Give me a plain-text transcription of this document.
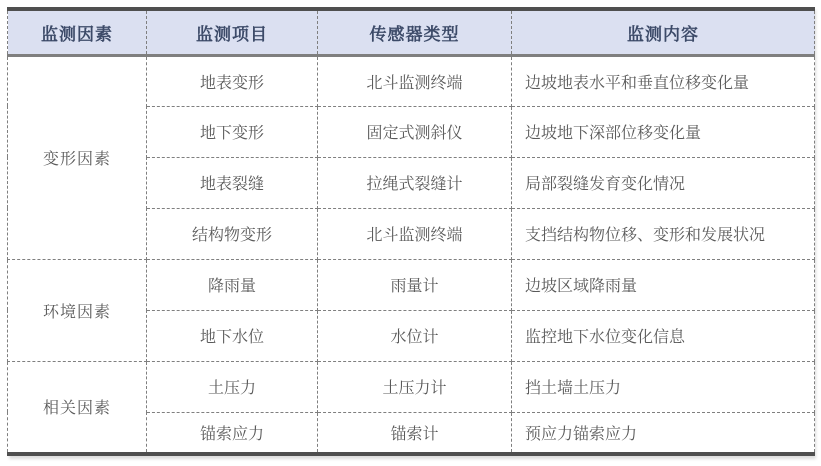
监测因素	监测项目	传感器类型	监测内容
变形因素	地表变形	北斗监测终端	边坡地表水平和垂直位移变化量
	地下变形	固定式测斜仪	边坡地下深部位移变化量
	地表裂缝	拉绳式裂缝计	局部裂缝发育变化情况
	结构物变形	北斗监测终端	支挡结构物位移、变形和发展状况
环境因素	降雨量	雨量计	边坡区域降雨量
	地下水位	水位计	监控地下水位变化信息
相关因素	土压力	土压力计	挡土墙土压力
	锚索应力	锚索计	预应力锚索应力
